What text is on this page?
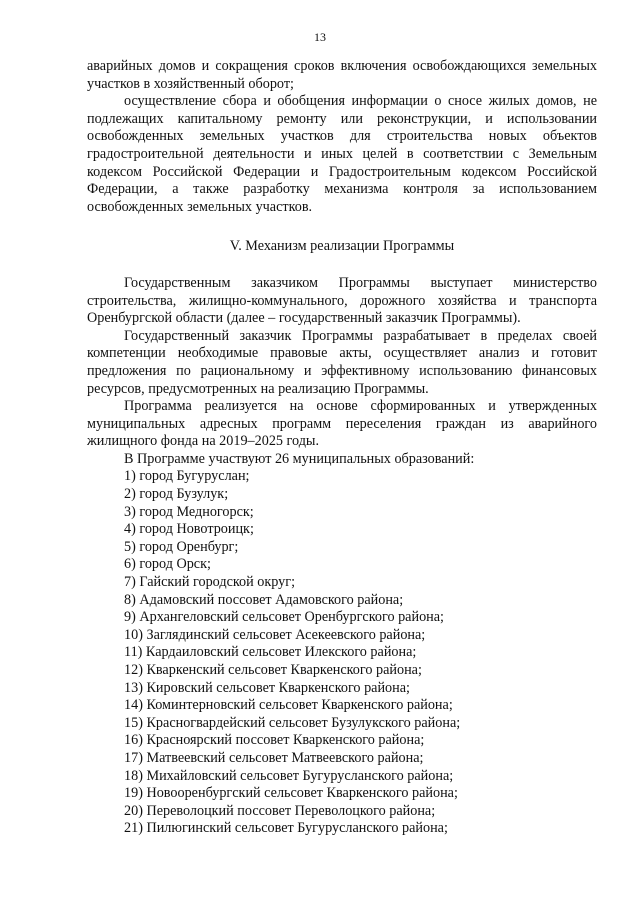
13

аварийных домов и сокращения сроков включения освобождающихся земельных участков в хозяйственный оборот;

осуществление сбора и обобщения информации о сносе жилых домов, не подлежащих капитальному ремонту или реконструкции, и использовании освобожденных земельных участков для строительства новых объектов градостроительной деятельности и иных целей в соответствии с Земельным кодексом Российской Федерации и Градостроительным кодексом Российской Федерации, а также разработку механизма контроля за использованием освобожденных земельных участков.

V. Механизм реализации Программы

Государственным заказчиком Программы выступает министерство строительства, жилищно-коммунального, дорожного хозяйства и транспорта Оренбургской области (далее – государственный заказчик Программы).

Государственный заказчик Программы разрабатывает в пределах своей компетенции необходимые правовые акты, осуществляет анализ и готовит предложения по рациональному и эффективному использованию финансовых ресурсов, предусмотренных на реализацию Программы.

Программа реализуется на основе сформированных и утвержденных муниципальных адресных программ переселения граждан из аварийного жилищного фонда на 2019–2025 годы.

В Программе участвуют 26 муниципальных образований:

1) город Бугуруслан;
2) город Бузулук;
3) город Медногорск;
4) город Новотроицк;
5) город Оренбург;
6) город Орск;
7) Гайский городской округ;
8) Адамовский поссовет Адамовского района;
9) Архангеловский сельсовет Оренбургского района;
10) Заглядинский сельсовет Асекеевского района;
11) Кардаиловский сельсовет Илекского района;
12) Кваркенский сельсовет Кваркенского района;
13) Кировский сельсовет Кваркенского района;
14) Коминтерновский сельсовет Кваркенского района;
15) Красногвардейский сельсовет Бузулукского района;
16) Красноярский поссовет Кваркенского района;
17) Матвеевский сельсовет Матвеевского района;
18) Михайловский сельсовет Бугурусланского района;
19) Новооренбургский сельсовет Кваркенского района;
20) Переволоцкий поссовет Переволоцкого района;
21) Пилюгинский сельсовет Бугурусланского района;
